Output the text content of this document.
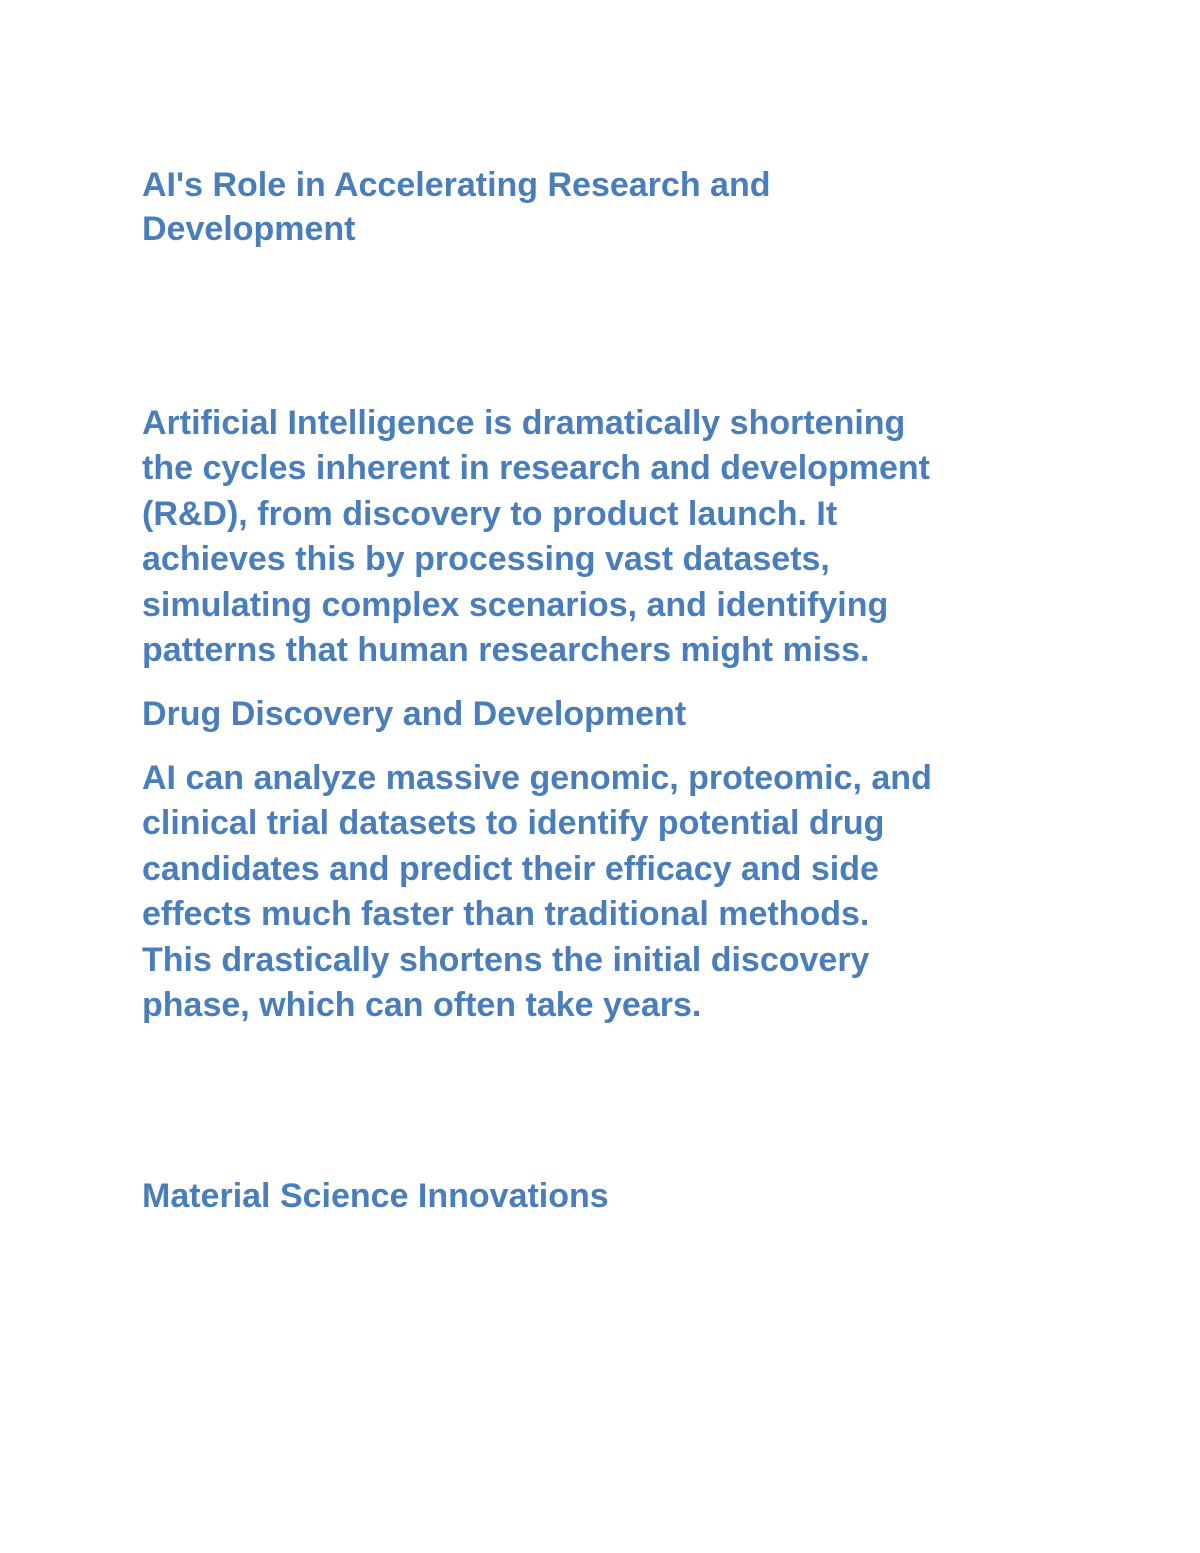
AI's Role in Accelerating Research and
Development

Artificial Intelligence is dramatically shortening
the cycles inherent in research and development
(R&D), from discovery to product launch. It
achieves this by processing vast datasets,
simulating complex scenarios, and identifying
patterns that human researchers might miss.

Drug Discovery and Development

AI can analyze massive genomic, proteomic, and
clinical trial datasets to identify potential drug
candidates and predict their efficacy and side
effects much faster than traditional methods.
This drastically shortens the initial discovery
phase, which can often take years.

Material Science Innovations
